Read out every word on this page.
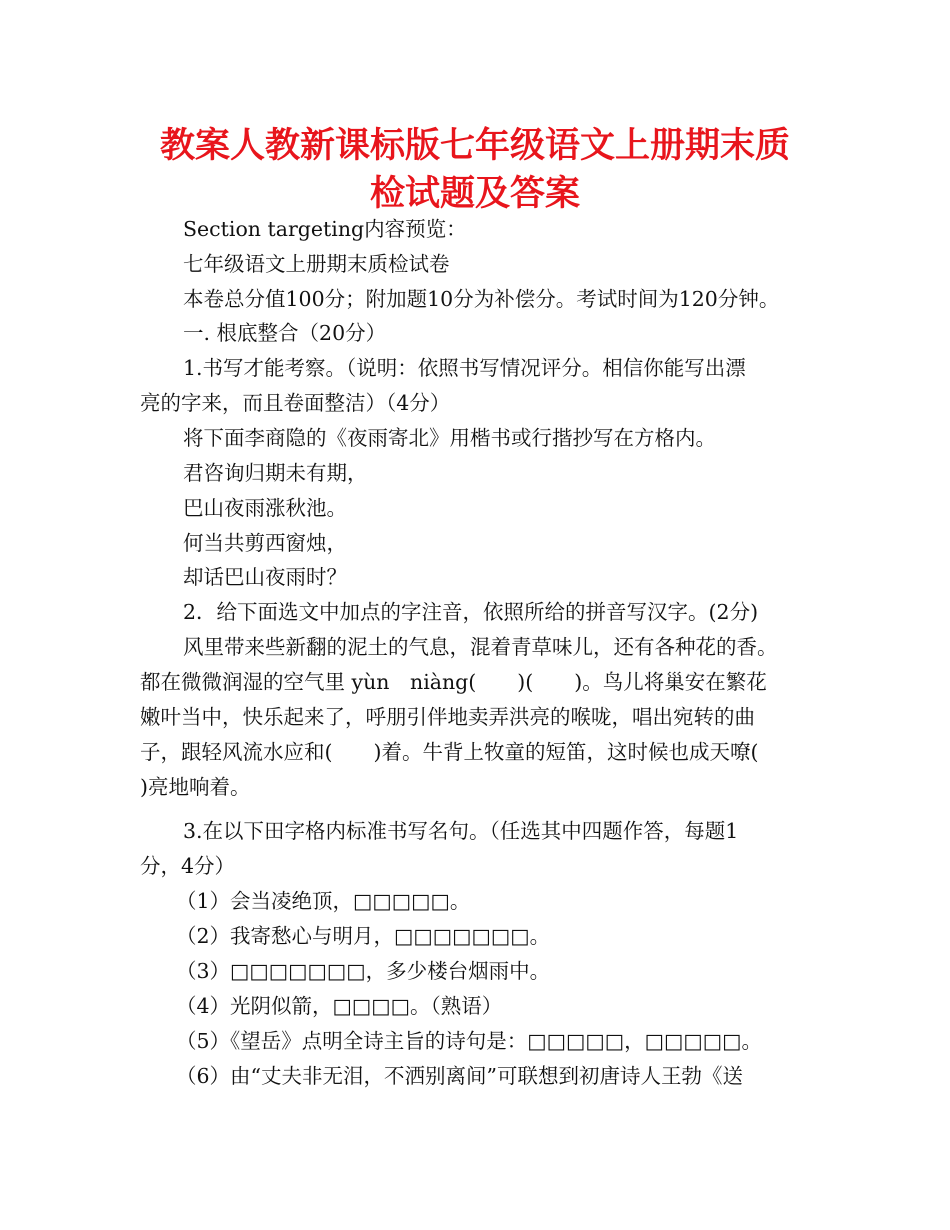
教案人教新课标版七年级语文上册期末质
检试题及答案
Section targeting内容预览：
七年级语文上册期末质检试卷
本卷总分值100分；附加题10分为补偿分。考试时间为120分钟。
一. 根底整合（20分）
1.书写才能考察。（说明：依照书写情况评分。相信你能写出漂
亮的字来，而且卷面整洁）（4分）
将下面李商隐的《夜雨寄北》用楷书或行揩抄写在方格内。
君咨询归期未有期，
巴山夜雨涨秋池。
何当共剪西窗烛，
却话巴山夜雨时？
2．给下面选文中加点的字注音，依照所给的拼音写汉字。(2分)
风里带来些新翻的泥土的气息，混着青草味儿，还有各种花的香。
都在微微润湿的空气里 yùn　niàng(　　)(　　)。鸟儿将巢安在繁花
嫩叶当中，快乐起来了，呼朋引伴地卖弄洪亮的喉咙，唱出宛转的曲
子，跟轻风流水应和(　　)着。牛背上牧童的短笛，这时候也成天嘹(
)亮地响着。
3.在以下田字格内标准书写名句。（任选其中四题作答，每题1
分，4分）
（1）会当凌绝顶，□□□□□。
（2）我寄愁心与明月，□□□□□□□。
（3）□□□□□□□，多少楼台烟雨中。
（4）光阴似箭，□□□□。（熟语）
（5）《望岳》点明全诗主旨的诗句是：□□□□□，□□□□□。
（6）由“丈夫非无泪，不洒别离间”可联想到初唐诗人王勃《送
